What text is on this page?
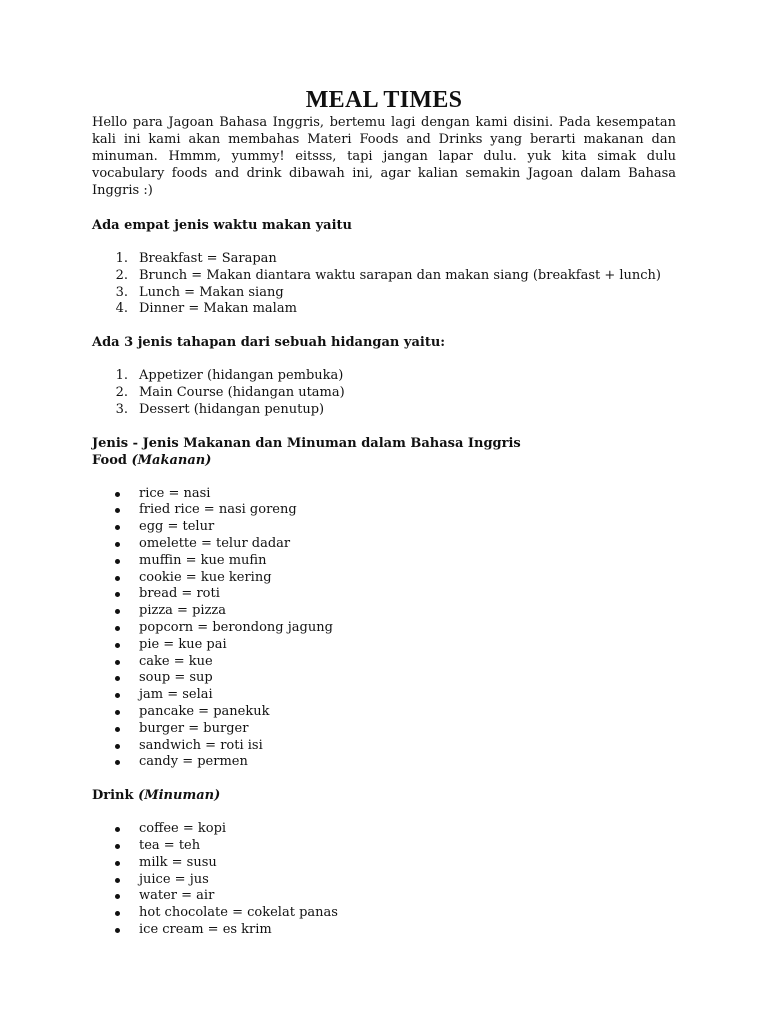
MEAL TIMES

Hello para Jagoan Bahasa Inggris, bertemu lagi dengan kami disini. Pada kesempatan kali ini kami akan membahas Materi Foods and Drinks yang berarti makanan dan minuman. Hmmm, yummy! eitsss, tapi jangan lapar dulu. yuk kita simak dulu vocabulary foods and drink dibawah ini, agar kalian semakin Jagoan dalam Bahasa Inggris :)

Ada empat jenis waktu makan yaitu

1. Breakfast = Sarapan
2. Brunch = Makan diantara waktu sarapan dan makan siang (breakfast + lunch)
3. Lunch = Makan siang
4. Dinner = Makan malam

Ada 3 jenis tahapan dari sebuah hidangan yaitu:

1. Appetizer (hidangan pembuka)
2. Main Course (hidangan utama)
3. Dessert (hidangan penutup)

Jenis - Jenis Makanan dan Minuman dalam Bahasa Inggris

Food (Makanan)

rice = nasi
fried rice = nasi goreng
egg = telur
omelette = telur dadar
muffin = kue mufin
cookie = kue kering
bread = roti
pizza = pizza
popcorn = berondong jagung
pie = kue pai
cake = kue
soup = sup
jam = selai
pancake = panekuk
burger = burger
sandwich = roti isi
candy = permen

Drink (Minuman)

coffee = kopi
tea = teh
milk = susu
juice = jus
water = air
hot chocolate = cokelat panas
ice cream = es krim
